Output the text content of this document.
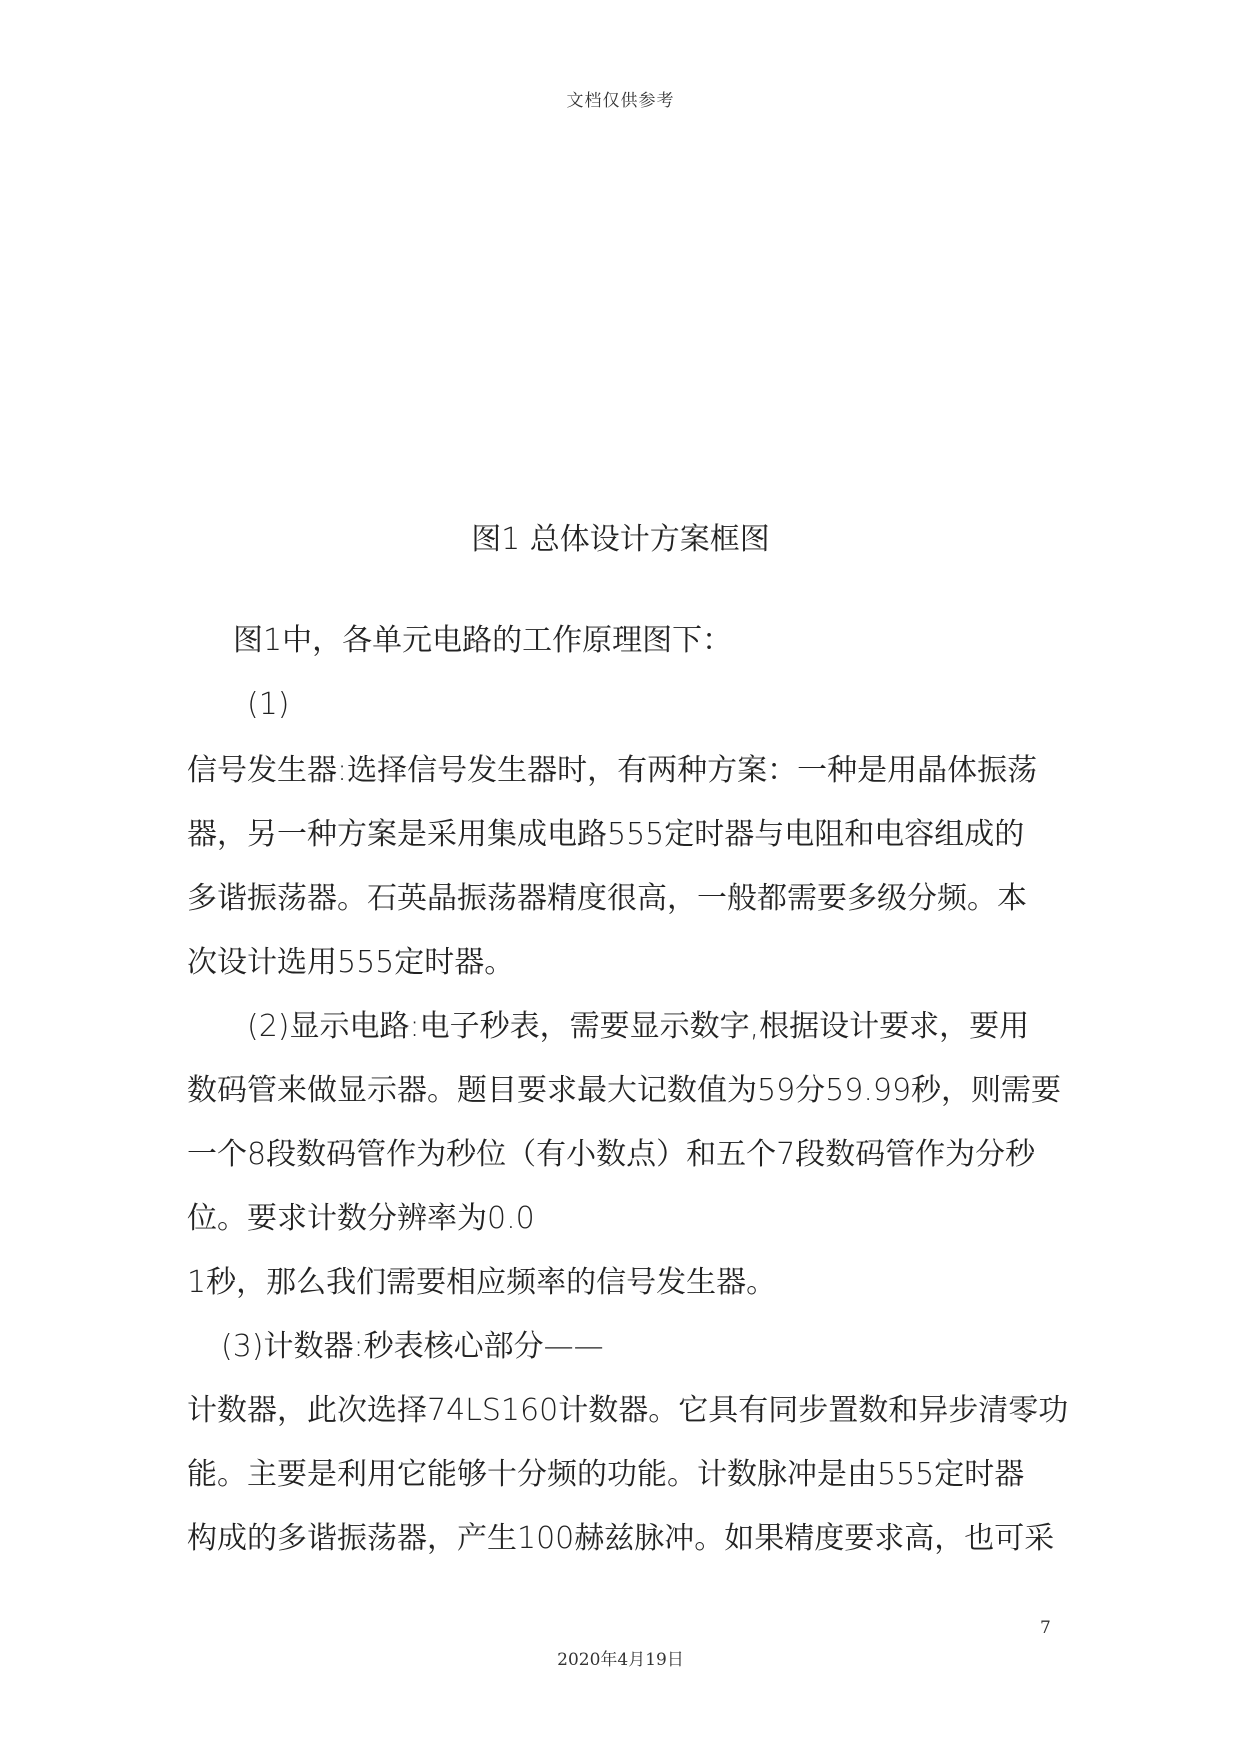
文档仅供参考
图1 总体设计方案框图
图1中，各单元电路的工作原理图下：
(1)
信号发生器:选择信号发生器时，有两种方案：一种是用晶体振荡
器，另一种方案是采用集成电路555定时器与电阻和电容组成的
多谐振荡器。石英晶振荡器精度很高，一般都需要多级分频。本
次设计选用555定时器。
(2)显示电路:电子秒表，需要显示数字,根据设计要求，要用
数码管来做显示器。题目要求最大记数值为59分59.99秒，则需要
一个8段数码管作为秒位（有小数点）和五个7段数码管作为分秒
位。要求计数分辨率为0.0
1秒，那么我们需要相应频率的信号发生器。
(3)计数器:秒表核心部分——
计数器，此次选择74LS160计数器。它具有同步置数和异步清零功
能。主要是利用它能够十分频的功能。计数脉冲是由555定时器
构成的多谐振荡器，产生100赫兹脉冲。如果精度要求高，也可采
7
2020年4月19日
